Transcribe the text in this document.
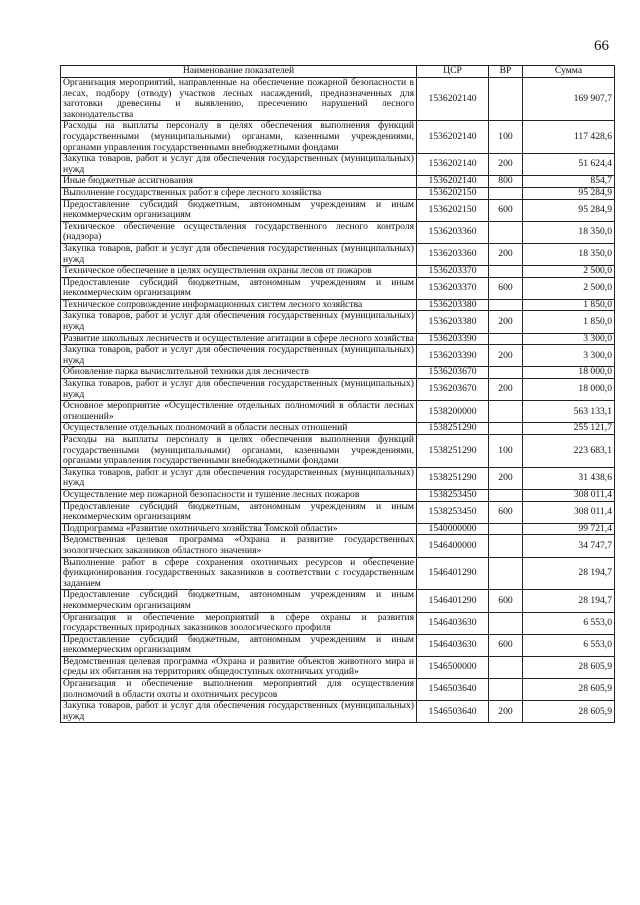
66
Наименование показателей	ЦСР	ВР	Сумма
Организация мероприятий, направленные на обеспечение пожарной безопасности в лесах, подбору (отводу) участков лесных насаждений, предназначенных для заготовки древесины и выявлению, пресечению нарушений лесного законодательства	1536202140		169 907,7
Расходы на выплаты персоналу в целях обеспечения выполнения функций государственными (муниципальными) органами, казенными учреждениями, органами управления государственными внебюджетными фондами	1536202140	100	117 428,6
Закупка товаров, работ и услуг для обеспечения государственных (муниципальных) нужд	1536202140	200	51 624,4
Иные бюджетные ассигнования	1536202140	800	854,7
Выполнение государственных работ в сфере лесного хозяйства	1536202150		95 284,9
Предоставление субсидий бюджетным, автономным учреждениям и иным некоммерческим организациям	1536202150	600	95 284,9
Техническое обеспечение осуществления государственного лесного контроля (надзора)	1536203360		18 350,0
Закупка товаров, работ и услуг для обеспечения государственных (муниципальных) нужд	1536203360	200	18 350,0
Техническое обеспечение в целях осуществления охраны лесов от пожаров	1536203370		2 500,0
Предоставление субсидий бюджетным, автономным учреждениям и иным некоммерческим организациям	1536203370	600	2 500,0
Техническое сопровождение информационных систем лесного хозяйства	1536203380		1 850,0
Закупка товаров, работ и услуг для обеспечения государственных (муниципальных) нужд	1536203380	200	1 850,0
Развитие школьных лесничеств и осуществление агитации в сфере лесного хозяйства	1536203390		3 300,0
Закупка товаров, работ и услуг для обеспечения государственных (муниципальных) нужд	1536203390	200	3 300,0
Обновление парка вычислительной техники для лесничеств	1536203670		18 000,0
Закупка товаров, работ и услуг для обеспечения государственных (муниципальных) нужд	1536203670	200	18 000,0
Основное мероприятие «Осуществление отдельных полномочий в области лесных отношений»	1538200000		563 133,1
Осуществление отдельных полномочий в области лесных отношений	1538251290		255 121,7
Расходы на выплаты персоналу в целях обеспечения выполнения функций государственными (муниципальными) органами, казенными учреждениями, органами управления государственными внебюджетными фондами	1538251290	100	223 683,1
Закупка товаров, работ и услуг для обеспечения государственных (муниципальных) нужд	1538251290	200	31 438,6
Осуществление мер пожарной безопасности и тушение лесных пожаров	1538253450		308 011,4
Предоставление субсидий бюджетным, автономным учреждениям и иным некоммерческим организациям	1538253450	600	308 011,4
Подпрограмма «Развитие охотничьего хозяйства Томской области»	1540000000		99 721,4
Ведомственная целевая программа «Охрана и развитие государственных зоологических заказников областного значения»	1546400000		34 747,7
Выполнение работ в сфере сохранения охотничьих ресурсов и обеспечение функционирования государственных заказников в соответствии с государственным заданием	1546401290		28 194,7
Предоставление субсидий бюджетным, автономным учреждениям и иным некоммерческим организациям	1546401290	600	28 194,7
Организация и обеспечение мероприятий в сфере охраны и развития государственных природных заказников зоологического профиля	1546403630		6 553,0
Предоставление субсидий бюджетным, автономным учреждениям и иным некоммерческим организациям	1546403630	600	6 553,0
Ведомственная целевая программа «Охрана и развитие объектов животного мира и среды их обитания на территориях общедоступных охотничьих угодий»	1546500000		28 605,9
Организация и обеспечение выполнения мероприятий для осуществления полномочий в области охоты и охотничьих ресурсов	1546503640		28 605,9
Закупка товаров, работ и услуг для обеспечения государственных (муниципальных) нужд	1546503640	200	28 605,9
